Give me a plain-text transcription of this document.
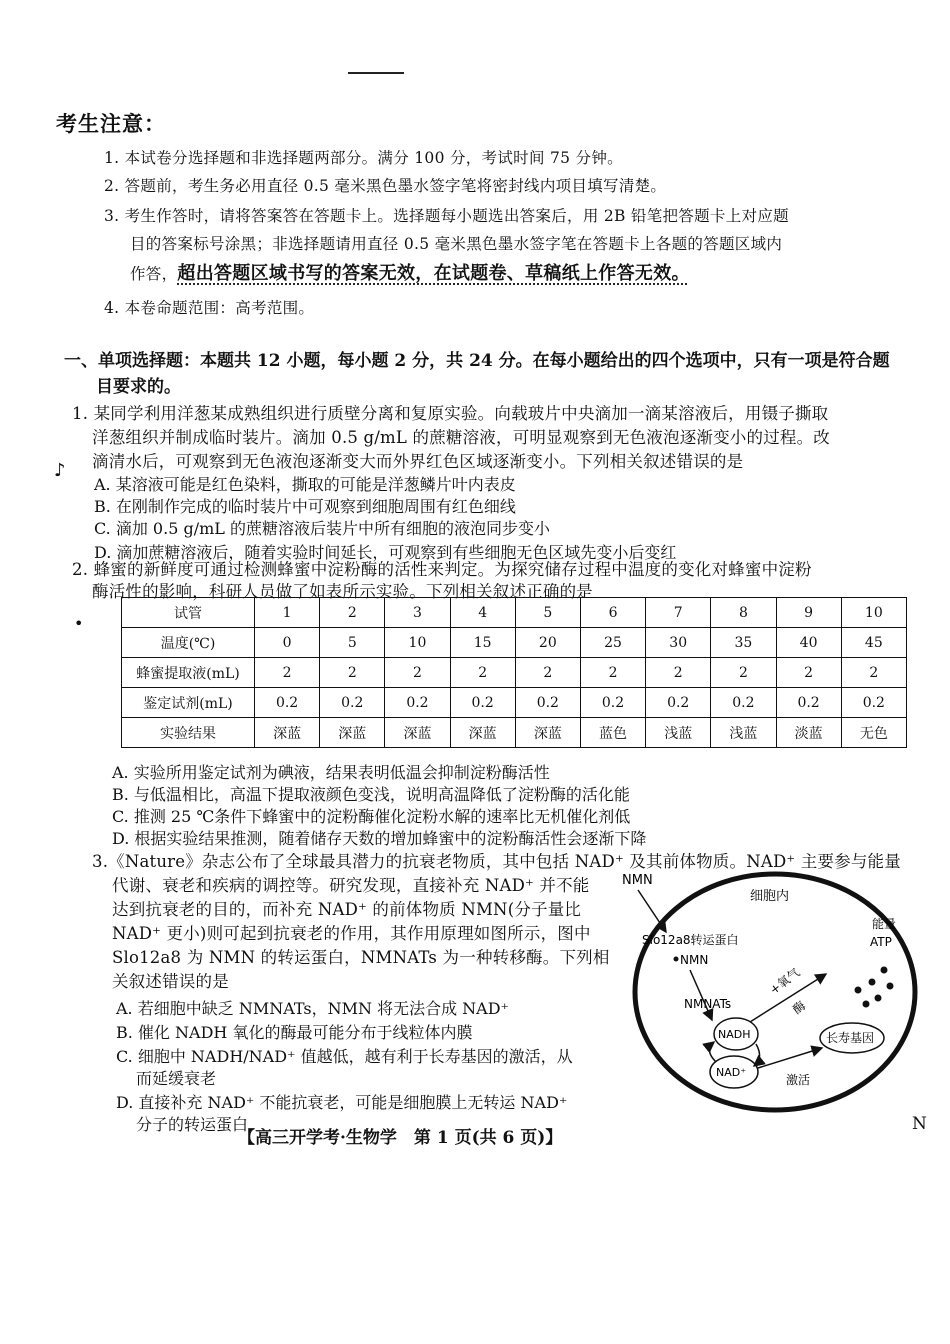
考生注意：
1. 本试卷分选择题和非选择题两部分。满分 100 分，考试时间 75 分钟。
2. 答题前，考生务必用直径 0.5 毫米黑色墨水签字笔将密封线内项目填写清楚。
3. 考生作答时，请将答案答在答题卡上。选择题每小题选出答案后，用 2B 铅笔把答题卡上对应题
目的答案标号涂黑；非选择题请用直径 0.5 毫米黑色墨水签字笔在答题卡上各题的答题区域内
作答，超出答题区域书写的答案无效，在试题卷、草稿纸上作答无效。
4. 本卷命题范围：高考范围。
一、单项选择题：本题共 12 小题，每小题 2 分，共 24 分。在每小题给出的四个选项中，只有一项是符合题
目要求的。
1. 某同学利用洋葱某成熟组织进行质壁分离和复原实验。向载玻片中央滴加一滴某溶液后，用镊子撕取
洋葱组织并制成临时装片。滴加 0.5 g/mL 的蔗糖溶液，可明显观察到无色液泡逐渐变小的过程。改
滴清水后，可观察到无色液泡逐渐变大而外界红色区域逐渐变小。下列相关叙述错误的是
♪
A. 某溶液可能是红色染料，撕取的可能是洋葱鳞片叶内表皮
B. 在刚制作完成的临时装片中可观察到细胞周围有红色细线
C. 滴加 0.5 g/mL 的蔗糖溶液后装片中所有细胞的液泡同步变小
D. 滴加蔗糖溶液后，随着实验时间延长，可观察到有些细胞无色区域先变小后变红
2. 蜂蜜的新鲜度可通过检测蜂蜜中淀粉酶的活性来判定。为探究储存过程中温度的变化对蜂蜜中淀粉
酶活性的影响，科研人员做了如表所示实验。下列相关叙述正确的是
•
试管	1	2	3	4	5	6	7	8	9	10
温度(℃)	0	5	10	15	20	25	30	35	40	45
蜂蜜提取液(mL)	2	2	2	2	2	2	2	2	2	2
鉴定试剂(mL)	0.2	0.2	0.2	0.2	0.2	0.2	0.2	0.2	0.2	0.2
实验结果	深蓝	深蓝	深蓝	深蓝	深蓝	蓝色	浅蓝	浅蓝	淡蓝	无色
A. 实验所用鉴定试剂为碘液，结果表明低温会抑制淀粉酶活性
B. 与低温相比，高温下提取液颜色变浅，说明高温降低了淀粉酶的活化能
C. 推测 25 ℃条件下蜂蜜中的淀粉酶催化淀粉水解的速率比无机催化剂低
D. 根据实验结果推测，随着储存天数的增加蜂蜜中的淀粉酶活性会逐渐下降
3.《Nature》杂志公布了全球最具潜力的抗衰老物质，其中包括 NAD⁺ 及其前体物质。NAD⁺ 主要参与能量
代谢、衰老和疾病的调控等。研究发现，直接补充 NAD⁺ 并不能
达到抗衰老的目的，而补充 NAD⁺ 的前体物质 NMN(分子量比
NAD⁺ 更小)则可起到抗衰老的作用，其作用原理如图所示，图中
Slo12a8 为 NMN 的转运蛋白，NMNATs 为一种转移酶。下列相
关叙述错误的是
A. 若细胞中缺乏 NMNATs，NMN 将无法合成 NAD⁺
B. 催化 NADH 氧化的酶最可能分布于线粒体内膜
C. 细胞中 NADH/NAD⁺ 值越低，越有利于长寿基因的激活，从
而延缓衰老
D. 直接补充 NAD⁺ 不能抗衰老，可能是细胞膜上无转运 NAD⁺
分子的转运蛋白
NMN
细胞内
Slo12a8转运蛋白
NMN
能量
ATP
NMNATs
+氧气
酶
NADH
NAD⁺
长寿基因
激活
【高三开学考·生物学　第 1 页(共 6 页)】
N
